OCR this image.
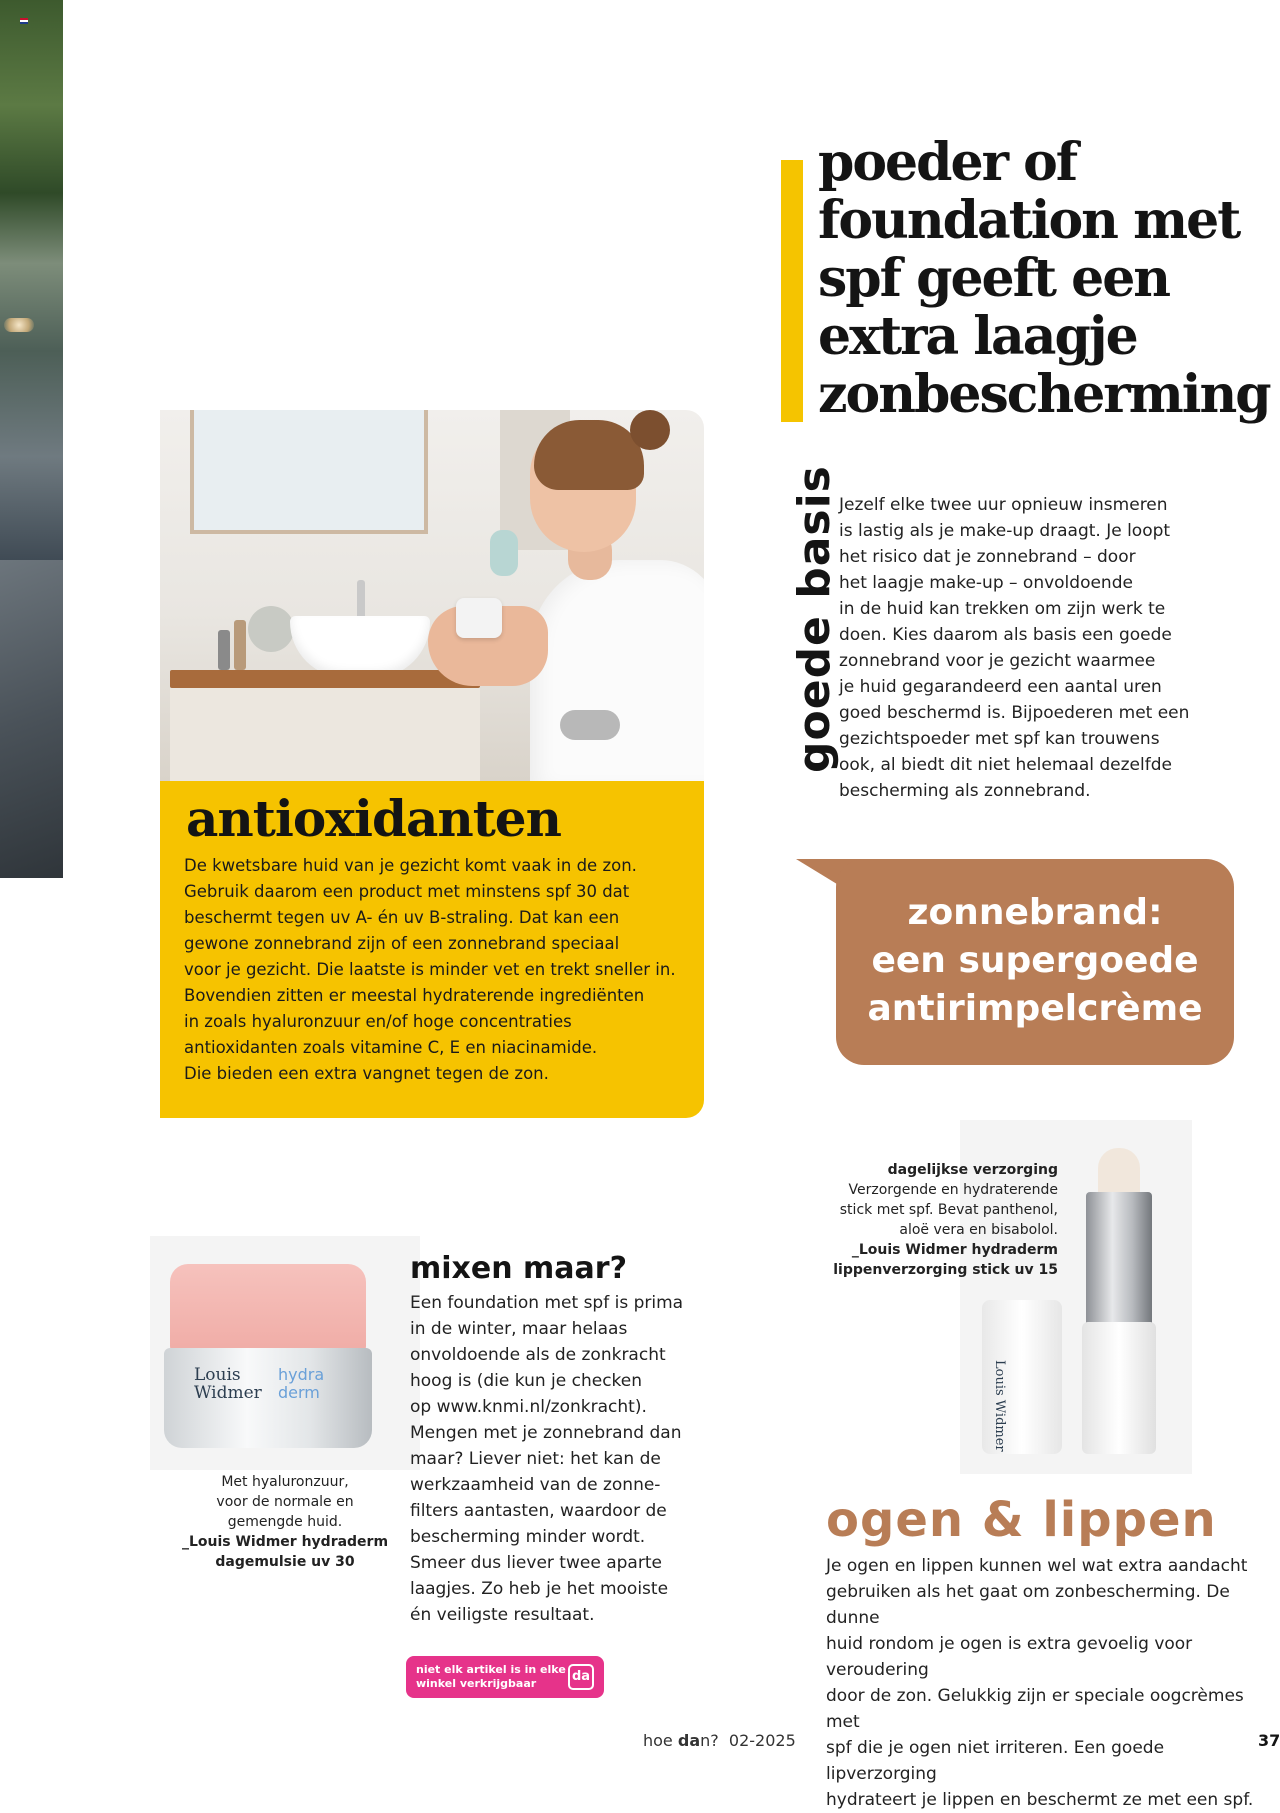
poeder of
foundation met
spf geeft een
extra laagje
zonbescherming
antioxidanten

De kwetsbare huid van je gezicht komt vaak in de zon.
Gebruik daarom een product met minstens spf 30 dat
beschermt tegen uv A- én uv B-straling. Dat kan een
gewone zonnebrand zijn of een zonnebrand speciaal
voor je gezicht. Die laatste is minder vet en trekt sneller in.
Bovendien zitten er meestal hydraterende ingrediënten
in zoals hyaluronzuur en/of hoge concentraties
antioxidanten zoals vitamine C, E en niacinamide.
Die bieden een extra vangnet tegen de zon.

goede basis Jezelf elke twee uur opnieuw insmeren
is lastig als je make-up draagt. Je loopt
het risico dat je zonnebrand – door
het laagje make-up – onvoldoende
in de huid kan trekken om zijn werk te
doen. Kies daarom als basis een goede
zonnebrand voor je gezicht waarmee
je huid gegarandeerd een aantal uren
goed beschermd is. Bijpoederen met een
gezichtspoeder met spf kan trouwens
ook, al biedt dit niet helemaal dezelfde
bescherming als zonnebrand.

zonnebrand:
een supergoede
antirimpelcrème

Louis
Widmer
hydra
derm

Met hyaluronzuur,
voor de normale en
gemengde huid.
_Louis Widmer hydraderm
dagemulsie uv 30

mixen maar?

Een foundation met spf is prima
in de winter, maar helaas
onvoldoende als de zonkracht
hoog is (die kun je checken
op www.knmi.nl/zonkracht).
Mengen met je zonnebrand dan
maar? Liever niet: het kan de
werkzaamheid van de zonne-
filters aantasten, waardoor de
bescherming minder wordt.
Smeer dus liever twee aparte
laagjes. Zo heb je het mooiste
én veiligste resultaat.

niet elk artikel is in elke
winkel verkrijgbaar	da
Louis Widmer

dagelijkse verzorging
Verzorgende en hydraterende
stick met spf. Bevat panthenol,
aloë vera en bisabolol.
_Louis Widmer hydraderm
lippenverzorging stick uv 15

ogen & lippen

Je ogen en lippen kunnen wel wat extra aandacht
gebruiken als het gaat om zonbescherming. De dunne
huid rondom je ogen is extra gevoelig voor veroudering
door de zon. Gelukkig zijn er speciale oogcrèmes met
spf die je ogen niet irriteren. Een goede lipverzorging
hydrateert je lippen en beschermt ze met een spf.

hoe dan? 02-2025	37
